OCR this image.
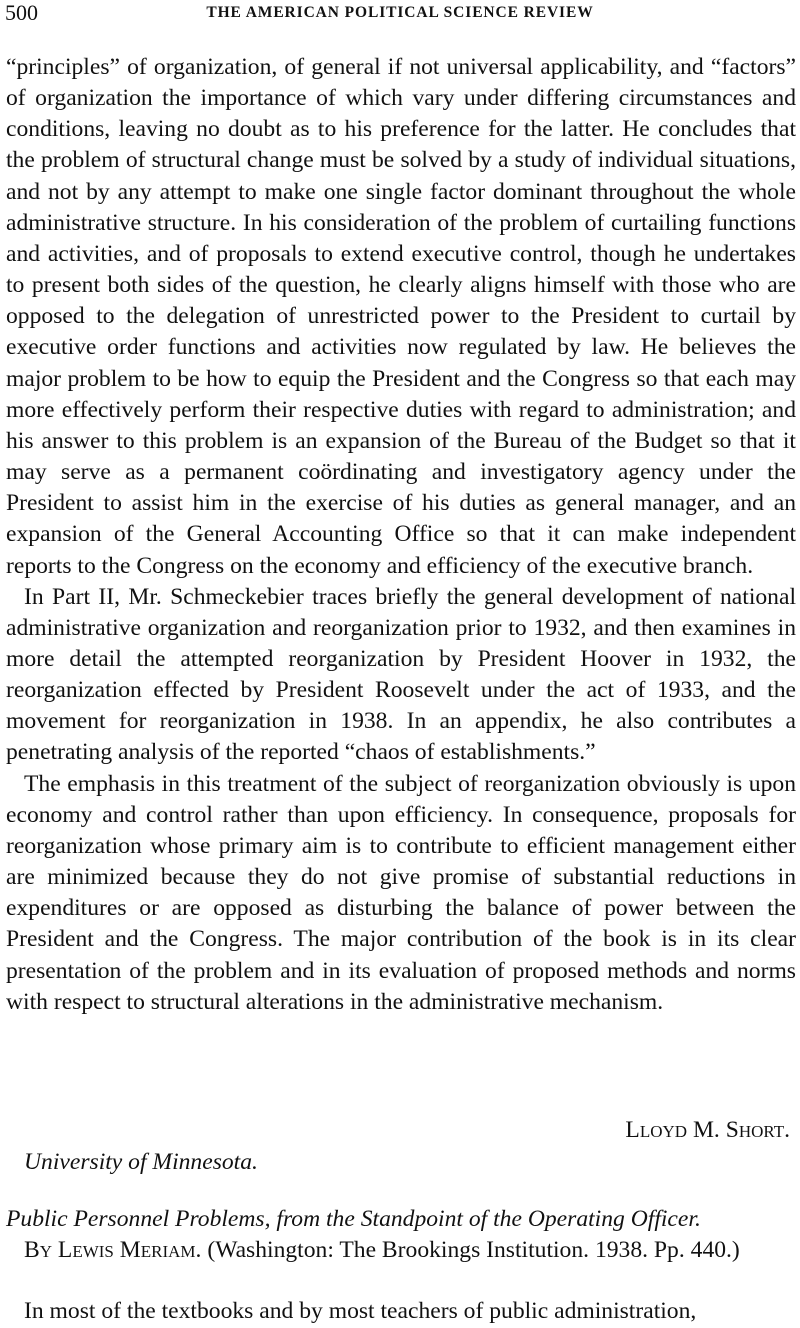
500	THE AMERICAN POLITICAL SCIENCE REVIEW

“principles” of organization, of general if not universal applicability, and “factors” of organization the importance of which vary under differing circumstances and conditions, leaving no doubt as to his preference for the latter. He concludes that the problem of structural change must be solved by a study of individual situations, and not by any attempt to make one single factor dominant throughout the whole administrative structure. In his consideration of the problem of curtailing functions and activities, and of proposals to extend executive control, though he undertakes to present both sides of the question, he clearly aligns himself with those who are opposed to the delegation of unrestricted power to the President to curtail by executive order functions and activities now regulated by law. He believes the major problem to be how to equip the President and the Congress so that each may more effectively perform their respective duties with regard to administration; and his answer to this problem is an expansion of the Bureau of the Budget so that it may serve as a permanent coördinating and investigatory agency under the President to assist him in the exercise of his duties as general manager, and an expansion of the General Accounting Office so that it can make independent reports to the Congress on the economy and efficiency of the executive branch.

In Part II, Mr. Schmeckebier traces briefly the general development of national administrative organization and reorganization prior to 1932, and then examines in more detail the attempted reorganization by President Hoover in 1932, the reorganization effected by President Roosevelt under the act of 1933, and the movement for reorganization in 1938. In an appendix, he also contributes a penetrating analysis of the reported “chaos of establishments.”

The emphasis in this treatment of the subject of reorganization obviously is upon economy and control rather than upon efficiency. In consequence, proposals for reorganization whose primary aim is to contribute to efficient management either are minimized because they do not give promise of substantial reductions in expenditures or are opposed as disturbing the balance of power between the President and the Congress. The major contribution of the book is in its clear presentation of the problem and in its evaluation of proposed methods and norms with respect to structural alterations in the administrative mechanism.

Lloyd M. Short.
University of Minnesota.
Public Personnel Problems, from the Standpoint of the Operating Officer.
By Lewis Meriam. (Washington: The Brookings Institution. 1938. Pp. 440.)
In most of the textbooks and by most teachers of public administration,
